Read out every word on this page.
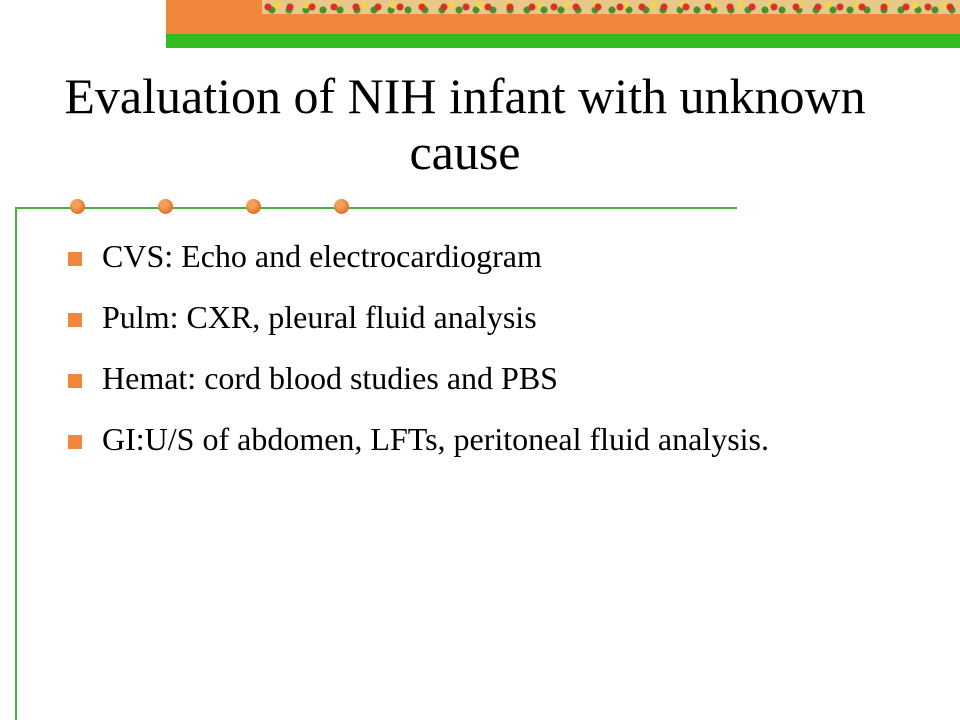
Evaluation of NIH infant with unknown cause
CVS: Echo and electrocardiogram
Pulm: CXR, pleural fluid analysis
Hemat: cord blood studies and PBS
GI:U/S of abdomen, LFTs, peritoneal fluid analysis.
